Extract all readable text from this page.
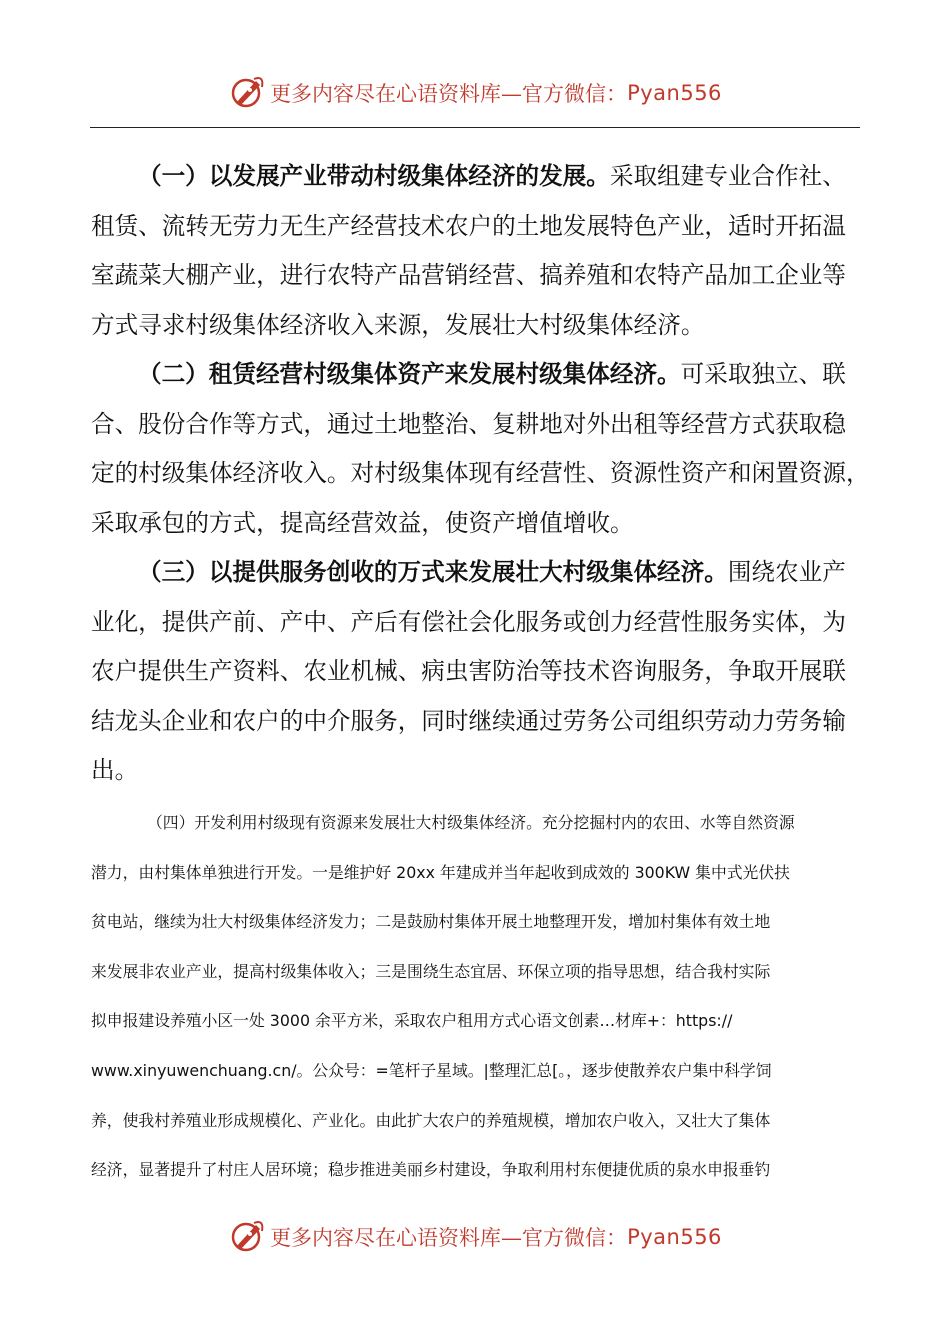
更多内容尽在心语资料库—官方微信： Pyan556
（一）以发展产业带动村级集体经济的发展。采取组建专业合作社、
租赁、流转无劳力无生产经营技术农户的土地发展特色产业，适时开拓温
室蔬菜大棚产业，进行农特产品营销经营、搞养殖和农特产品加工企业等
方式寻求村级集体经济收入来源，发展壮大村级集体经济。
（二）租赁经营村级集体资产来发展村级集体经济。可采取独立、联
合、股份合作等方式，通过土地整治、复耕地对外出租等经营方式获取稳
定的村级集体经济收入。对村级集体现有经营性、资源性资产和闲置资源，
采取承包的方式，提高经营效益，使资产增值增收。
（三）以提供服务创收的万式来发展壮大村级集体经济。围绕农业产
业化，提供产前、产中、产后有偿社会化服务或创力经营性服务实体，为
农户提供生产资料、农业机械、病虫害防治等技术咨询服务，争取开展联
结龙头企业和农户的中介服务，同时继续通过劳务公司组织劳动力劳务输
出。
（四）开发利用村级现有资源来发展壮大村级集体经济。充分挖掘村内的农田、水等自然资源
潜力，由村集体单独进行开发。一是维护好 20xx 年建成并当年起收到成效的 300KW 集中式光伏扶
贫电站，继续为壮大村级集体经济发力；二是鼓励村集体开展土地整理开发，增加村集体有效土地
来发展非农业产业，提高村级集体收入；三是围绕生态宜居、环保立项的指导思想，结合我村实际
拟申报建设养殖小区一处 3000 余平方米，采取农户租用方式心语文创素…材库+：https://
www.xinyuwenchuang.cn/。公众号：=笔杆子星域。|整理汇总[。，逐步使散养农户集中科学饲
养，使我村养殖业形成规模化、产业化。由此扩大农户的养殖规模，增加农户收入，又壮大了集体
经济，显著提升了村庄人居环境；稳步推进美丽乡村建设，争取利用村东便捷优质的泉水申报垂钓
更多内容尽在心语资料库—官方微信： Pyan556
